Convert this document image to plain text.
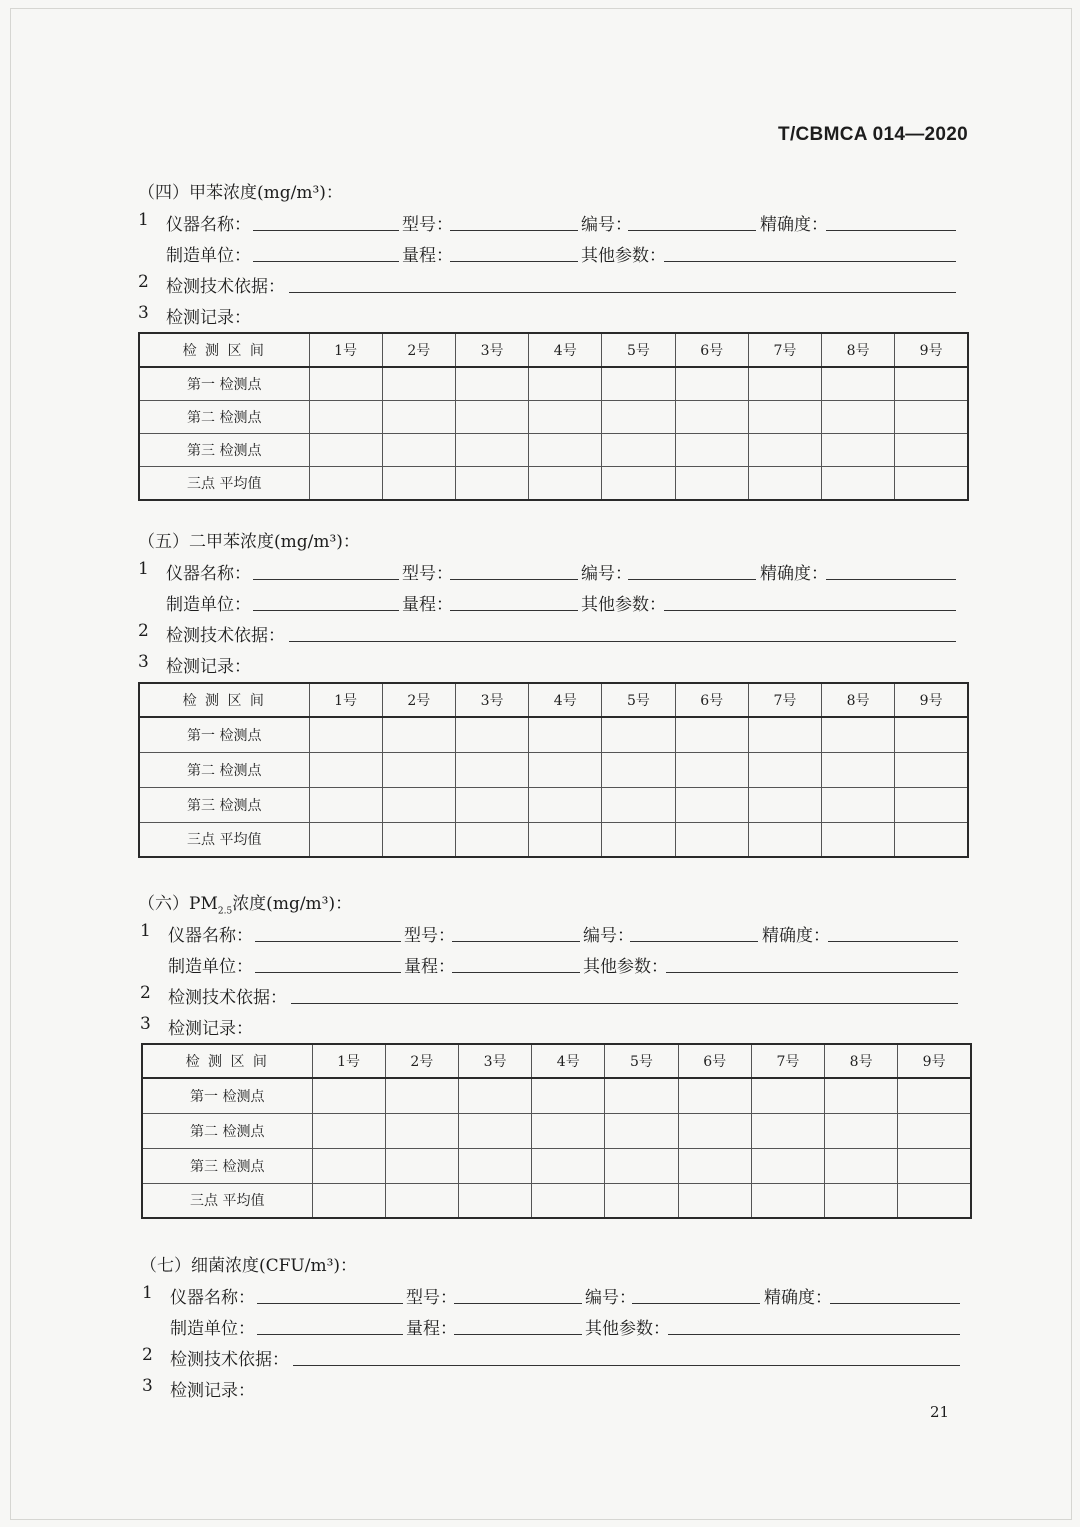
T/CBMCA 014—2020
（四）甲苯浓度(mg/m³)：
1 仪器名称：	型号：	编号：	精确度：
制造单位：	量程：	其他参数：
2 检测技术依据：
3 检测记录：
检 测 区 间	1号	2号	3号	4号	5号	6号	7号	8号	9号
第一 检测点									
第二 检测点									
第三 检测点									
三点 平均值									
（五）二甲苯浓度(mg/m³)：
1 仪器名称：	型号：	编号：	精确度：
制造单位：	量程：	其他参数：
2 检测技术依据：
3 检测记录：
检 测 区 间	1号	2号	3号	4号	5号	6号	7号	8号	9号
第一 检测点									
第二 检测点									
第三 检测点									
三点 平均值									
（六）$PM_{2.5}$浓度(mg/m³)：
1 仪器名称：	型号：	编号：	精确度：
制造单位：	量程：	其他参数：
2 检测技术依据：
3 检测记录：
检 测 区 间	1号	2号	3号	4号	5号	6号	7号	8号	9号
第一 检测点									
第二 检测点									
第三 检测点									
三点 平均值									
（七）细菌浓度(CFU/m³)：
1 仪器名称：	型号：	编号：	精确度：
制造单位：	量程：	其他参数：
2 检测技术依据：
3 检测记录：
21
